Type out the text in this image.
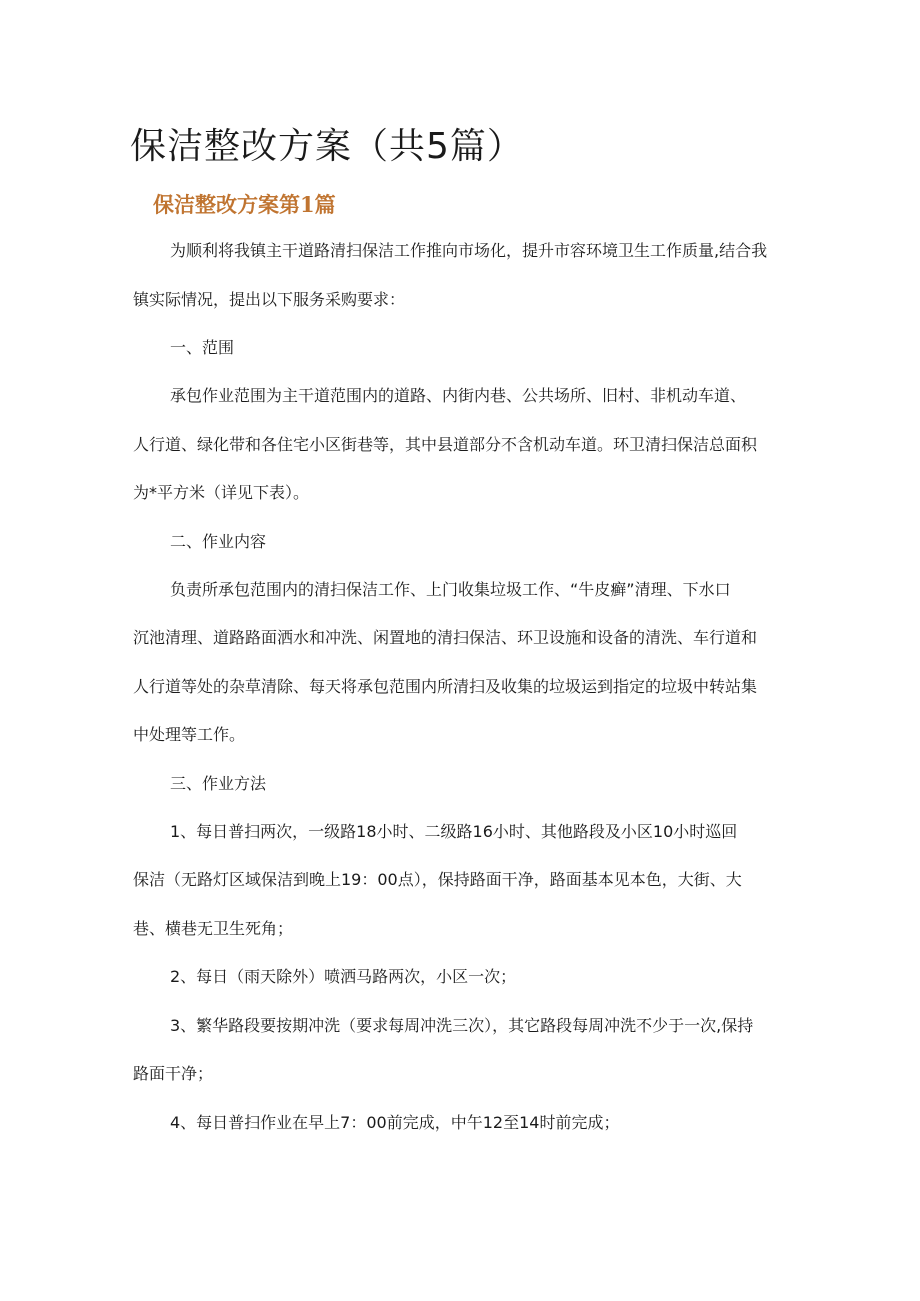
保洁整改方案（共5篇）
保洁整改方案第1篇
为顺利将我镇主干道路清扫保洁工作推向市场化，提升市容环境卫生工作质量,结合我
镇实际情况，提出以下服务采购要求：
一、范围
承包作业范围为主干道范围内的道路、内街内巷、公共场所、旧村、非机动车道、
人行道、绿化带和各住宅小区街巷等，其中县道部分不含机动车道。环卫清扫保洁总面积
为*平方米（详见下表）。
二、作业内容
负责所承包范围内的清扫保洁工作、上门收集垃圾工作、“牛皮癣”清理、下水口
沉池清理、道路路面洒水和冲洗、闲置地的清扫保洁、环卫设施和设备的清洗、车行道和
人行道等处的杂草清除、每天将承包范围内所清扫及收集的垃圾运到指定的垃圾中转站集
中处理等工作。
三、作业方法
1、每日普扫两次，一级路18小时、二级路16小时、其他路段及小区10小时巡回
保洁（无路灯区域保洁到晚上19：00点），保持路面干净，路面基本见本色，大街、大
巷、横巷无卫生死角；
2、每日（雨天除外）喷洒马路两次，小区一次；
3、繁华路段要按期冲洗（要求每周冲洗三次），其它路段每周冲洗不少于一次,保持
路面干净；
4、每日普扫作业在早上7：00前完成，中午12至14时前完成；
